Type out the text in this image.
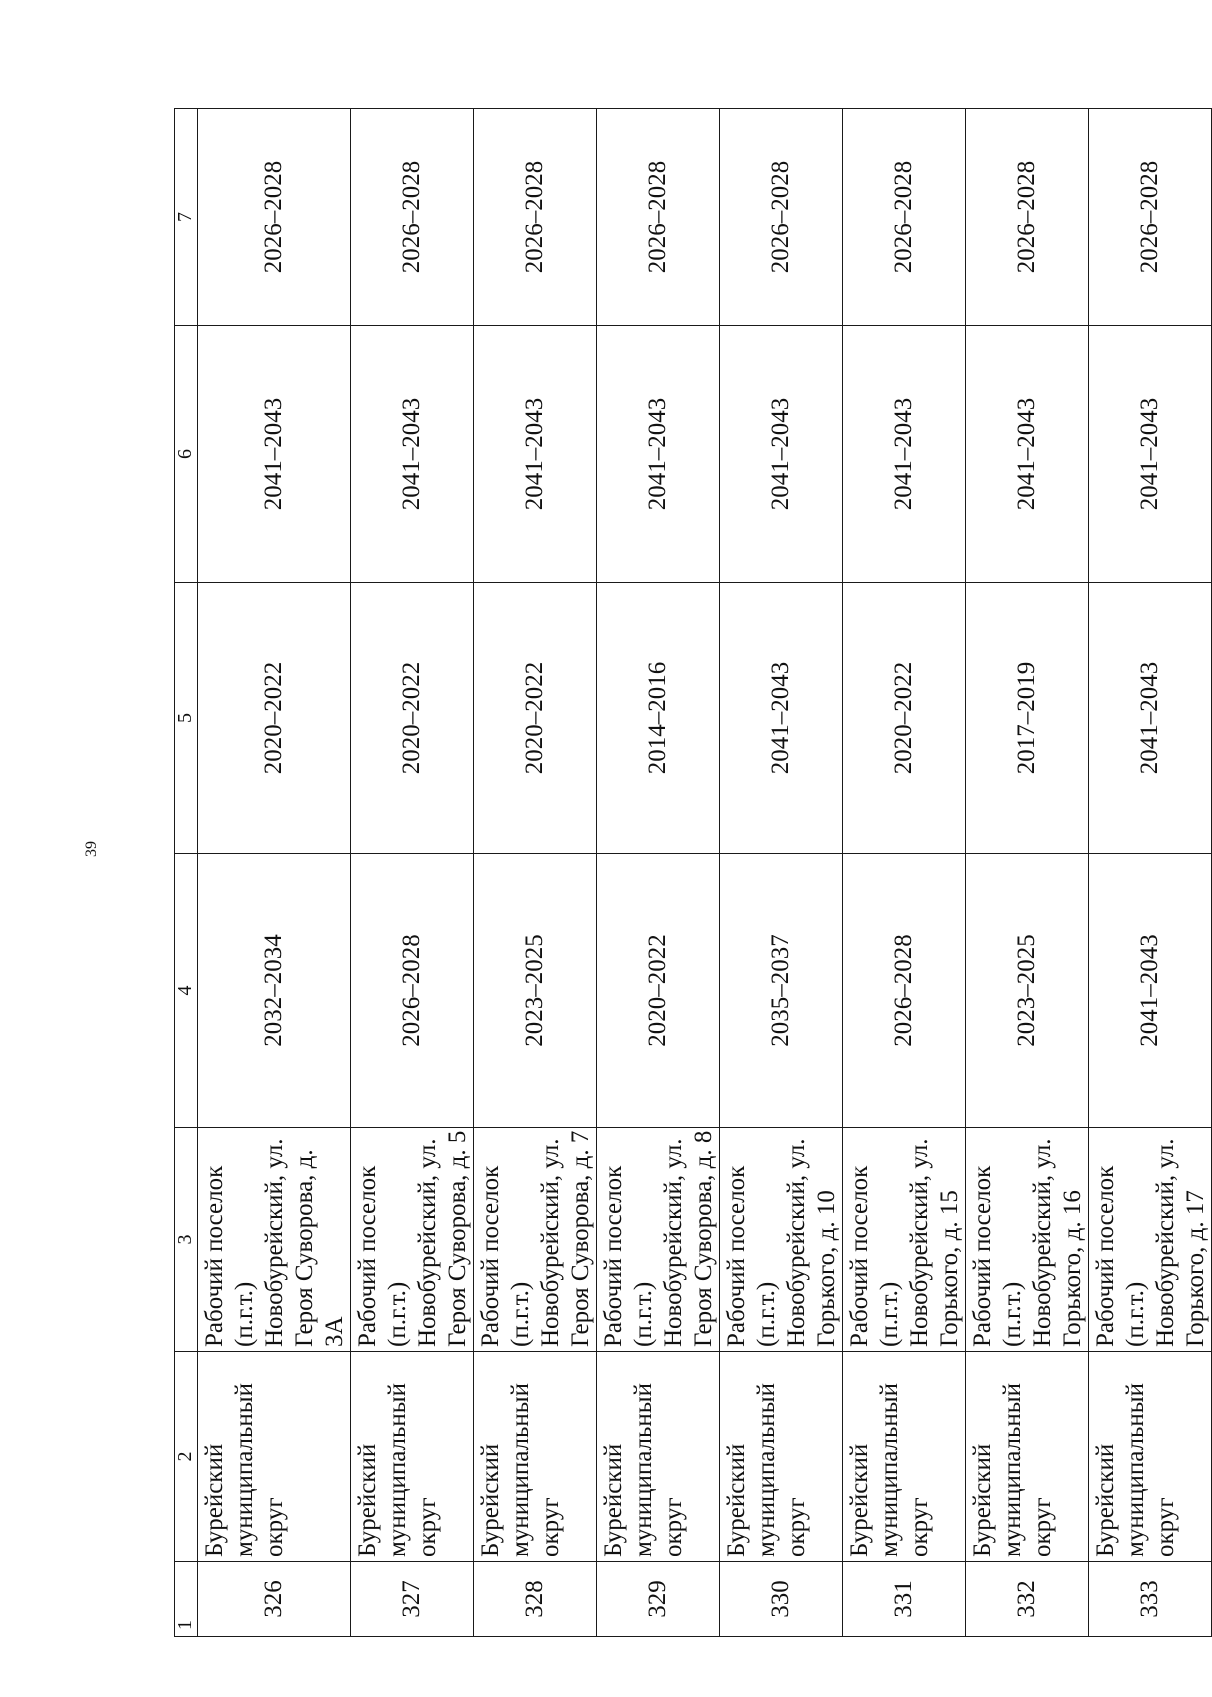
39
1	2	3	4	5	6	7
326	Бурейский муниципальный округ	Рабочий поселок (п.г.т.) Новобурейский, ул. Героя Суворова, д. 3А	2032–2034	2020–2022	2041–2043	2026–2028
327	Бурейский муниципальный округ	Рабочий поселок (п.г.т.) Новобурейский, ул. Героя Суворова, д. 5	2026–2028	2020–2022	2041–2043	2026–2028
328	Бурейский муниципальный округ	Рабочий поселок (п.г.т.) Новобурейский, ул. Героя Суворова, д. 7	2023–2025	2020–2022	2041–2043	2026–2028
329	Бурейский муниципальный округ	Рабочий поселок (п.г.т.) Новобурейский, ул. Героя Суворова, д. 8	2020–2022	2014–2016	2041–2043	2026–2028
330	Бурейский муниципальный округ	Рабочий поселок (п.г.т.) Новобурейский, ул. Горького, д. 10	2035–2037	2041–2043	2041–2043	2026–2028
331	Бурейский муниципальный округ	Рабочий поселок (п.г.т.) Новобурейский, ул. Горького, д. 15	2026–2028	2020–2022	2041–2043	2026–2028
332	Бурейский муниципальный округ	Рабочий поселок (п.г.т.) Новобурейский, ул. Горького, д. 16	2023–2025	2017–2019	2041–2043	2026–2028
333	Бурейский муниципальный округ	Рабочий поселок (п.г.т.) Новобурейский, ул. Горького, д. 17	2041–2043	2041–2043	2041–2043	2026–2028
